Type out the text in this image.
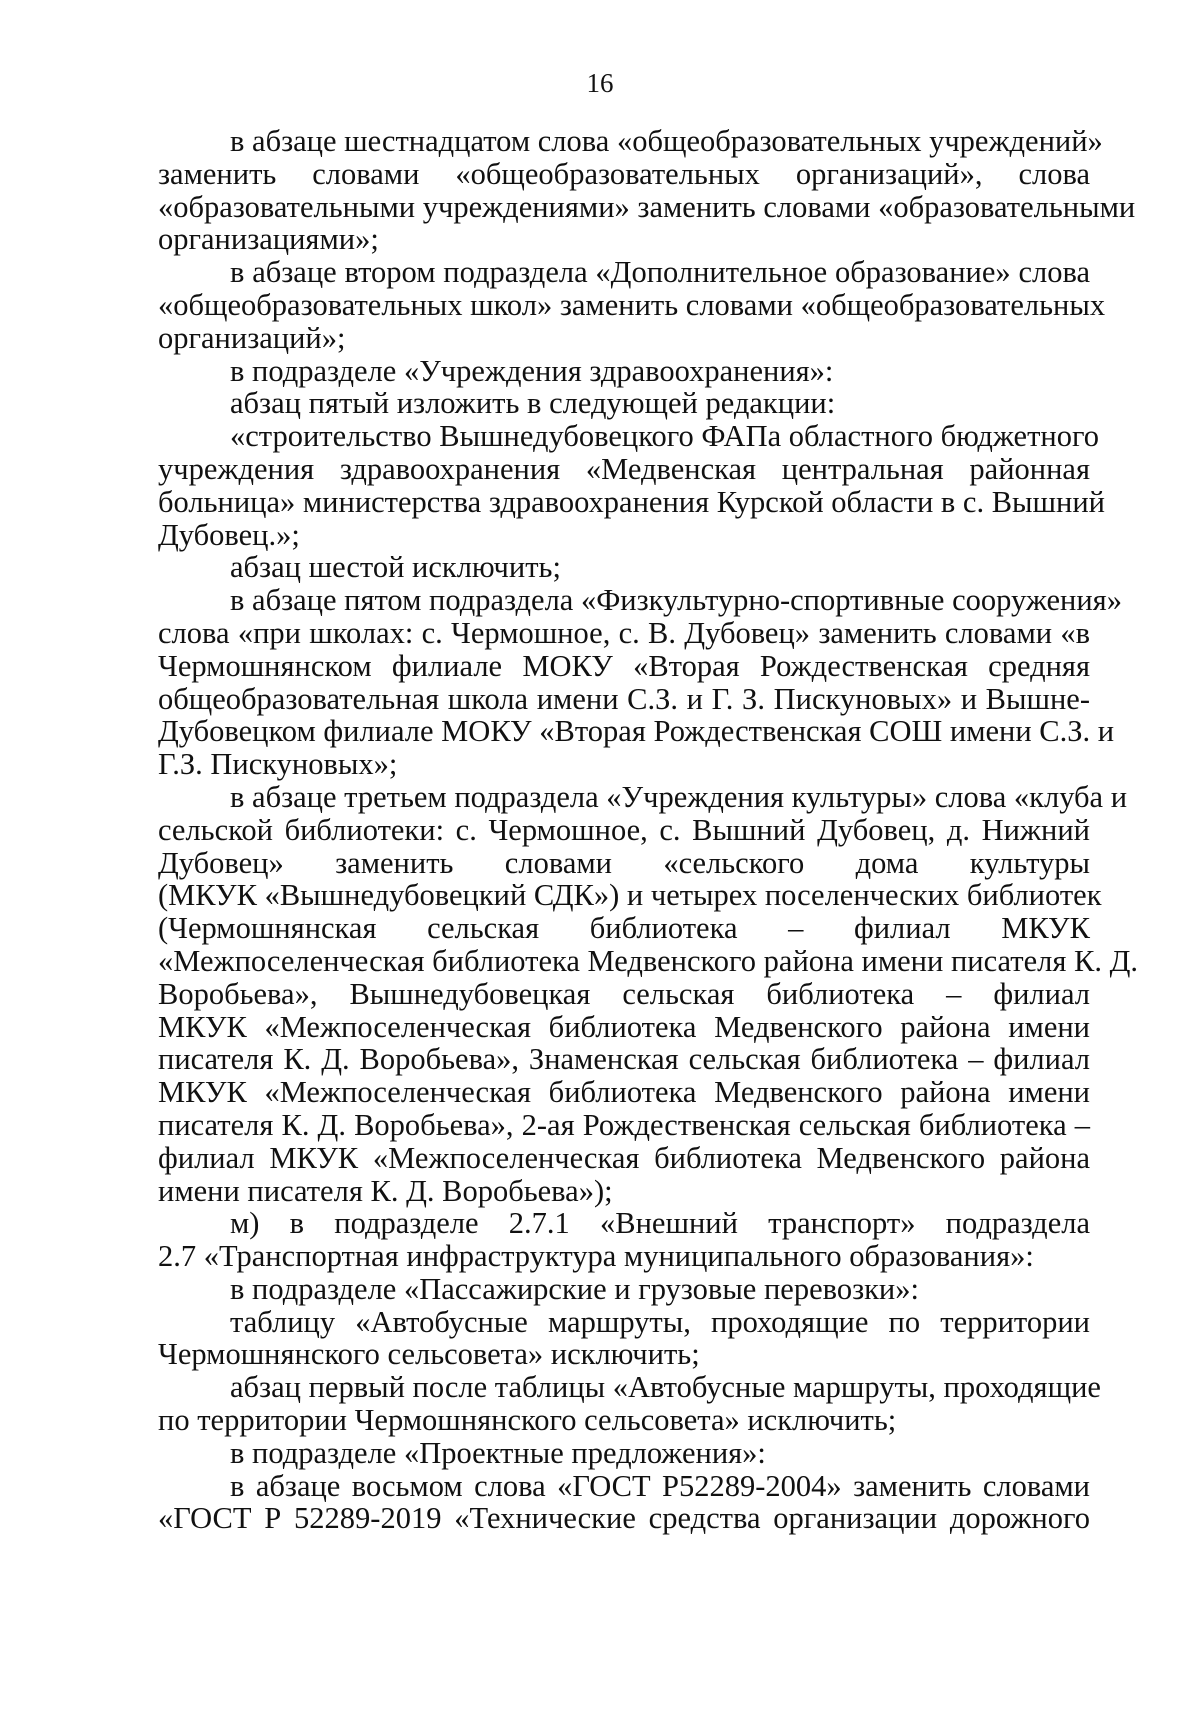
16
в абзаце шестнадцатом слова «общеобразовательных учреждений»
заменить словами «общеобразовательных организаций», слова
«образовательными учреждениями» заменить словами «образовательными
организациями»;
в абзаце втором подраздела «Дополнительное образование» слова
«общеобразовательных школ» заменить словами «общеобразовательных
организаций»;
в подразделе «Учреждения здравоохранения»:
абзац пятый изложить в следующей редакции:
«строительство Вышнедубовецкого ФАПа областного бюджетного
учреждения здравоохранения «Медвенская центральная районная
больница» министерства здравоохранения Курской области в с. Вышний
Дубовец.»;
абзац шестой исключить;
в абзаце пятом подраздела «Физкультурно-спортивные сооружения»
слова «при школах: с. Чермошное, с. В. Дубовец» заменить словами «в
Чермошнянском филиале МОКУ «Вторая Рождественская средняя
общеобразовательная школа имени С.З. и Г. З. Пискуновых» и Вышне-
Дубовецком филиале МОКУ «Вторая Рождественская СОШ имени С.З. и
Г.З. Пискуновых»;
в абзаце третьем подраздела «Учреждения культуры» слова «клуба и
сельской библиотеки: с. Чермошное, с. Вышний Дубовец, д. Нижний
Дубовец» заменить словами «сельского дома культуры
(МКУК «Вышнедубовецкий СДК») и четырех поселенческих библиотек
(Чермошнянская сельская библиотека – филиал МКУК
«Межпоселенческая библиотека Медвенского района имени писателя К. Д.
Воробьева», Вышнедубовецкая сельская библиотека – филиал
МКУК «Межпоселенческая библиотека Медвенского района имени
писателя К. Д. Воробьева», Знаменская сельская библиотека – филиал
МКУК «Межпоселенческая библиотека Медвенского района имени
писателя К. Д. Воробьева», 2-ая Рождественская сельская библиотека –
филиал МКУК «Межпоселенческая библиотека Медвенского района
имени писателя К. Д. Воробьева»);
м) в подразделе 2.7.1 «Внешний транспорт» подраздела
2.7 «Транспортная инфраструктура муниципального образования»:
в подразделе «Пассажирские и грузовые перевозки»:
таблицу «Автобусные маршруты, проходящие по территории
Чермошнянского сельсовета» исключить;
абзац первый после таблицы «Автобусные маршруты, проходящие
по территории Чермошнянского сельсовета» исключить;
в подразделе «Проектные предложения»:
в абзаце восьмом слова «ГОСТ Р52289-2004» заменить словами
«ГОСТ Р 52289-2019 «Технические средства организации дорожного
